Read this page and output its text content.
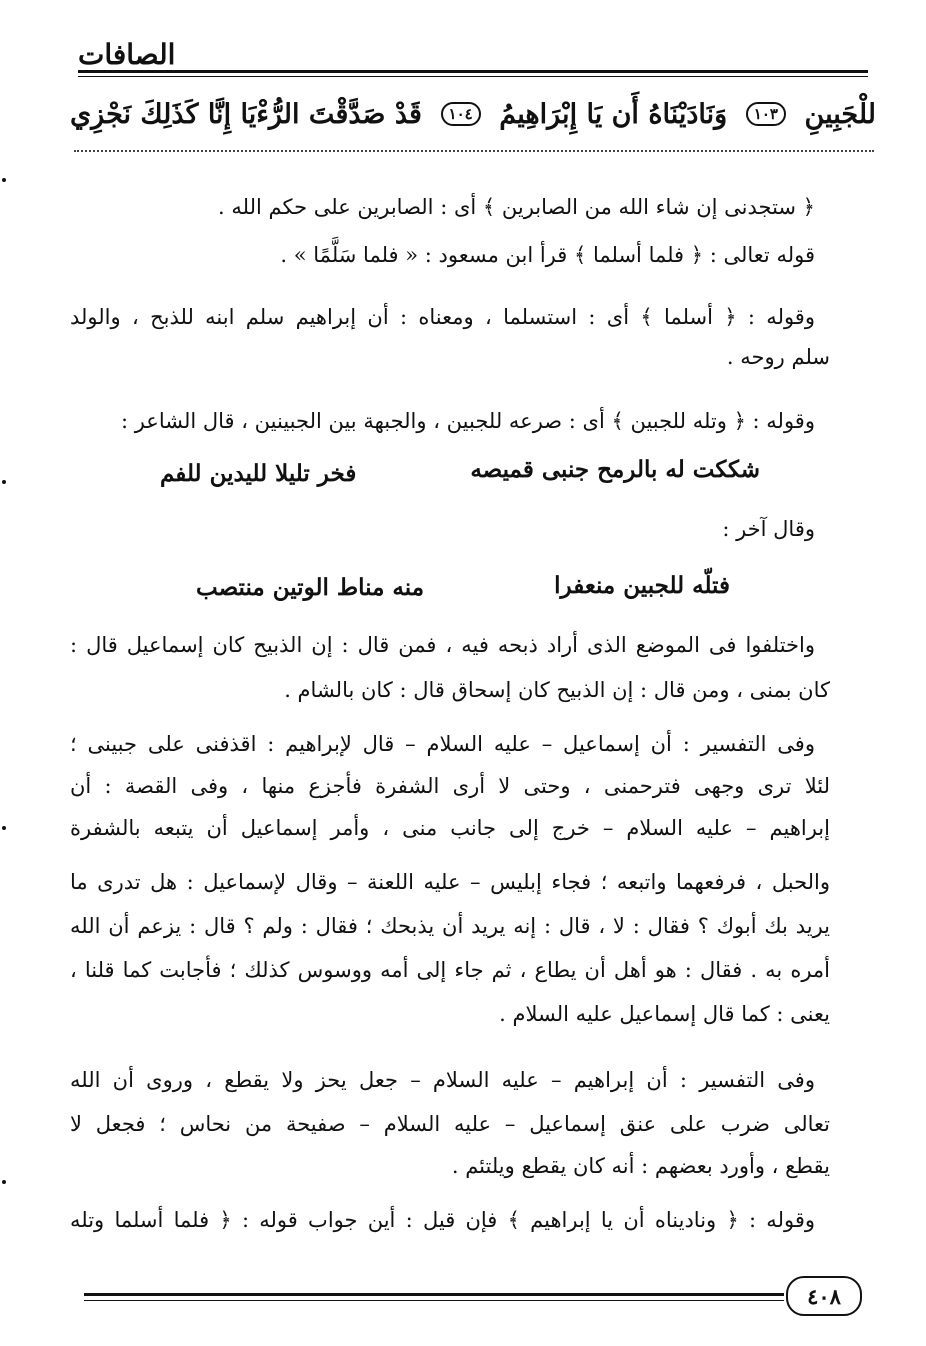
الصافات
للْجَبِينِ
١٠٣
وَنَادَيْنَاهُ أَن يَا إِبْرَاهِيمُ
١٠٤
قَدْ صَدَّقْتَ الرُّءْيَا إِنَّا كَذَلِكَ نَجْزِي
﴿ ستجدنى إن شاء الله من الصابرين ﴾ أى : الصابرين على حكم الله .
قوله تعالى : ﴿ فلما أسلما ﴾ قرأ ابن مسعود : « فلما سَلَّمًا » .
وقوله : ﴿ أسلما ﴾ أى : استسلما ، ومعناه : أن إبراهيم سلم ابنه للذبح ، والولد
سلم روحه .
وقوله : ﴿ وتله للجبين ﴾ أى : صرعه للجبين ، والجبهة بين الجبينين ، قال الشاعر :
شككت له بالرمح جنبى قميصه
فخر تليلا لليدين للفم
وقال آخر :
فتلّه للجبين منعفرا
منه مناط الوتين منتصب
واختلفوا فى الموضع الذى أراد ذبحه فيه ، فمن قال : إن الذبيح كان إسماعيل قال :
كان بمنى ، ومن قال : إن الذبيح كان إسحاق قال : كان بالشام .
وفى التفسير : أن إسماعيل – عليه السلام – قال لإبراهيم : اقذفنى على جبينى ؛
لئلا ترى وجهى فترحمنى ، وحتى لا أرى الشفرة فأجزع منها ، وفى القصة : أن
إبراهيم – عليه السلام – خرج إلى جانب منى ، وأمر إسماعيل أن يتبعه بالشفرة
والحبل ، فرفعهما واتبعه ؛ فجاء إبليس – عليه اللعنة – وقال لإسماعيل : هل تدرى ما
يريد بك أبوك ؟ فقال : لا ، قال : إنه يريد أن يذبحك ؛ فقال : ولم ؟ قال : يزعم أن الله
أمره به . فقال : هو أهل أن يطاع ، ثم جاء إلى أمه ووسوس كذلك ؛ فأجابت كما قلنا ،
يعنى : كما قال إسماعيل عليه السلام .
وفى التفسير : أن إبراهيم – عليه السلام – جعل يحز ولا يقطع ، وروى أن الله
تعالى ضرب على عنق إسماعيل – عليه السلام – صفيحة من نحاس ؛ فجعل لا
يقطع ، وأورد بعضهم : أنه كان يقطع ويلتئم .
وقوله : ﴿ وناديناه أن يا إبراهيم ﴾ فإن قيل : أين جواب قوله : ﴿ فلما أسلما وتله
٤٠٨
